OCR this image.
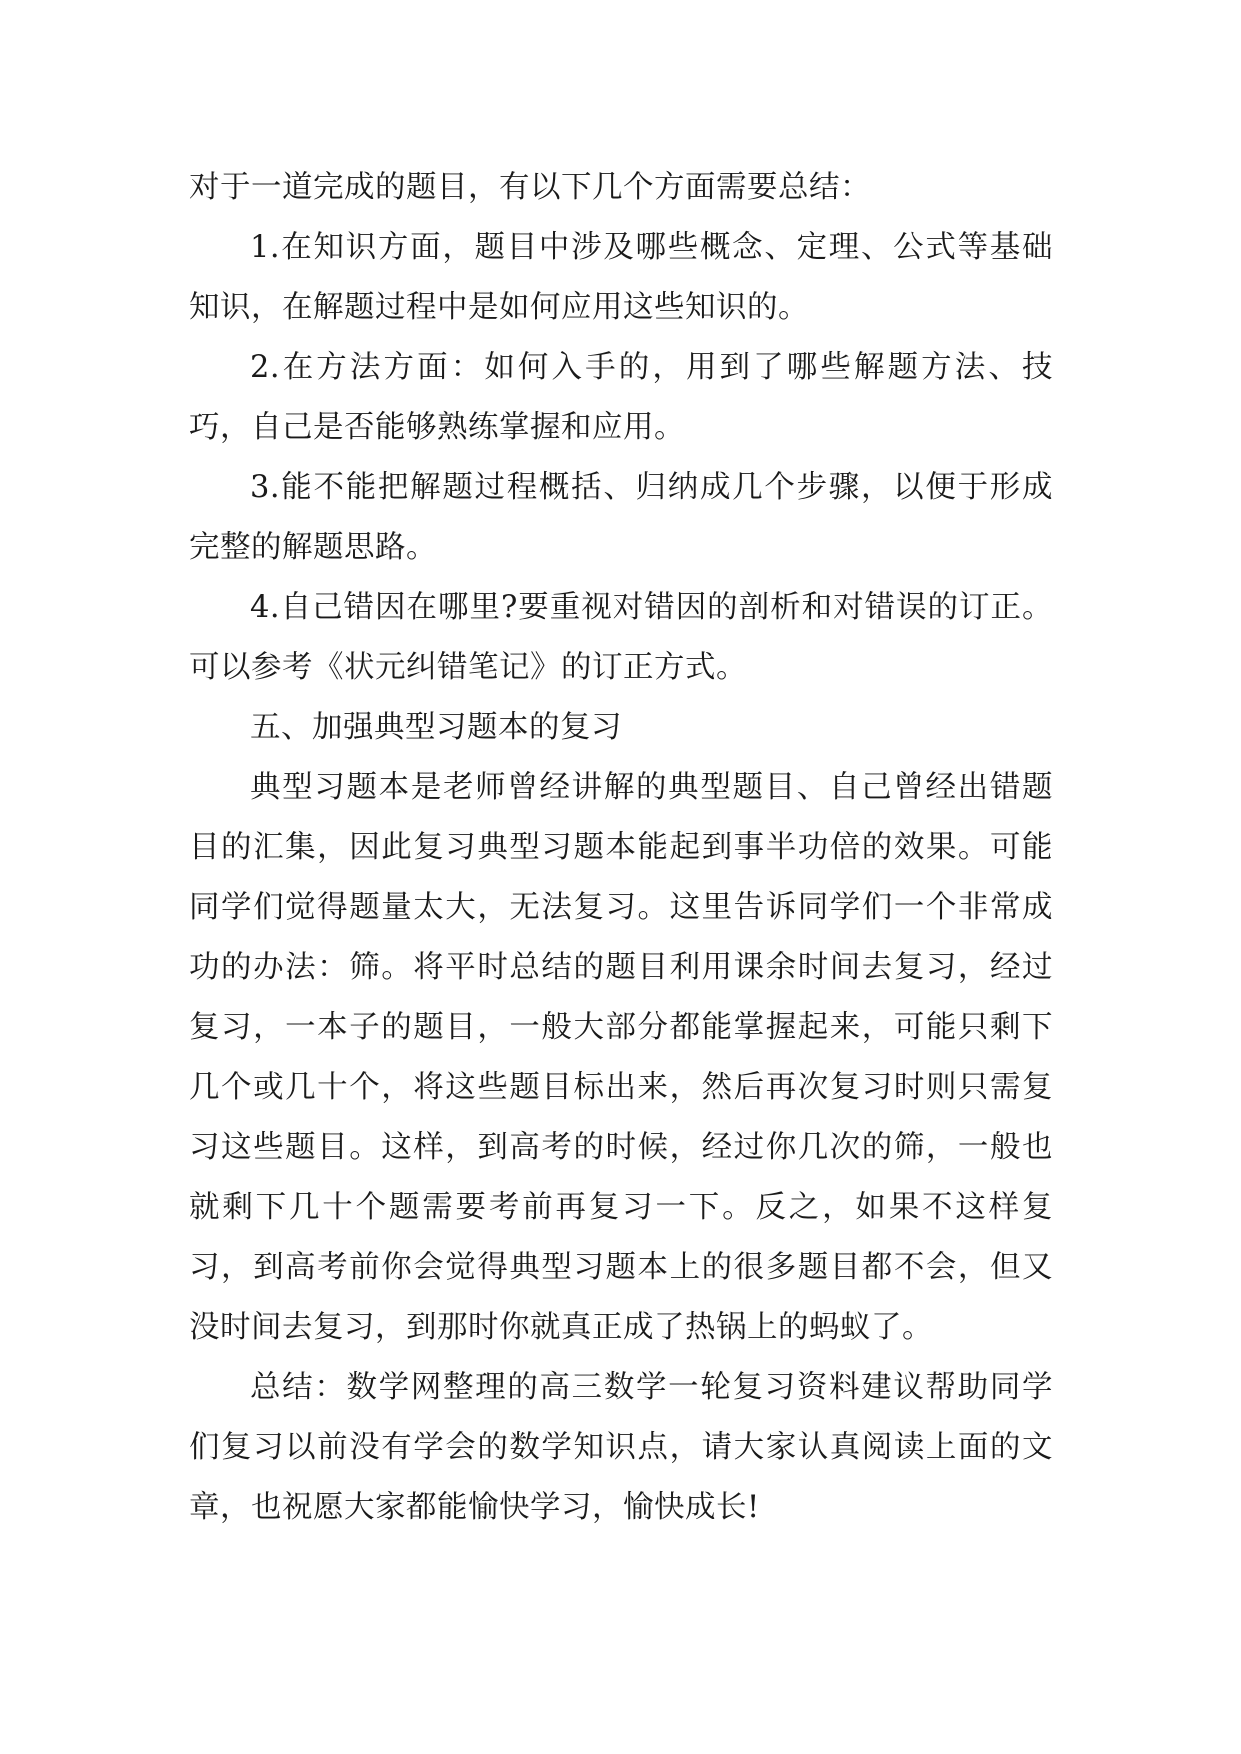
对于一道完成的题目，有以下几个方面需要总结：

1.在知识方面，题目中涉及哪些概念、定理、公式等基础知识，在解题过程中是如何应用这些知识的。

2.在方法方面：如何入手的，用到了哪些解题方法、技巧，自己是否能够熟练掌握和应用。

3.能不能把解题过程概括、归纳成几个步骤，以便于形成完整的解题思路。

4.自己错因在哪里?要重视对错因的剖析和对错误的订正。可以参考《状元纠错笔记》的订正方式。

五、加强典型习题本的复习

典型习题本是老师曾经讲解的典型题目、自己曾经出错题目的汇集，因此复习典型习题本能起到事半功倍的效果。可能同学们觉得题量太大，无法复习。这里告诉同学们一个非常成功的办法：筛。将平时总结的题目利用课余时间去复习，经过复习，一本子的题目，一般大部分都能掌握起来，可能只剩下几个或几十个，将这些题目标出来，然后再次复习时则只需复习这些题目。这样，到高考的时候，经过你几次的筛，一般也就剩下几十个题需要考前再复习一下。反之，如果不这样复习，到高考前你会觉得典型习题本上的很多题目都不会，但又没时间去复习，到那时你就真正成了热锅上的蚂蚁了。

总结：数学网整理的高三数学一轮复习资料建议帮助同学们复习以前没有学会的数学知识点，请大家认真阅读上面的文章，也祝愿大家都能愉快学习，愉快成长!
